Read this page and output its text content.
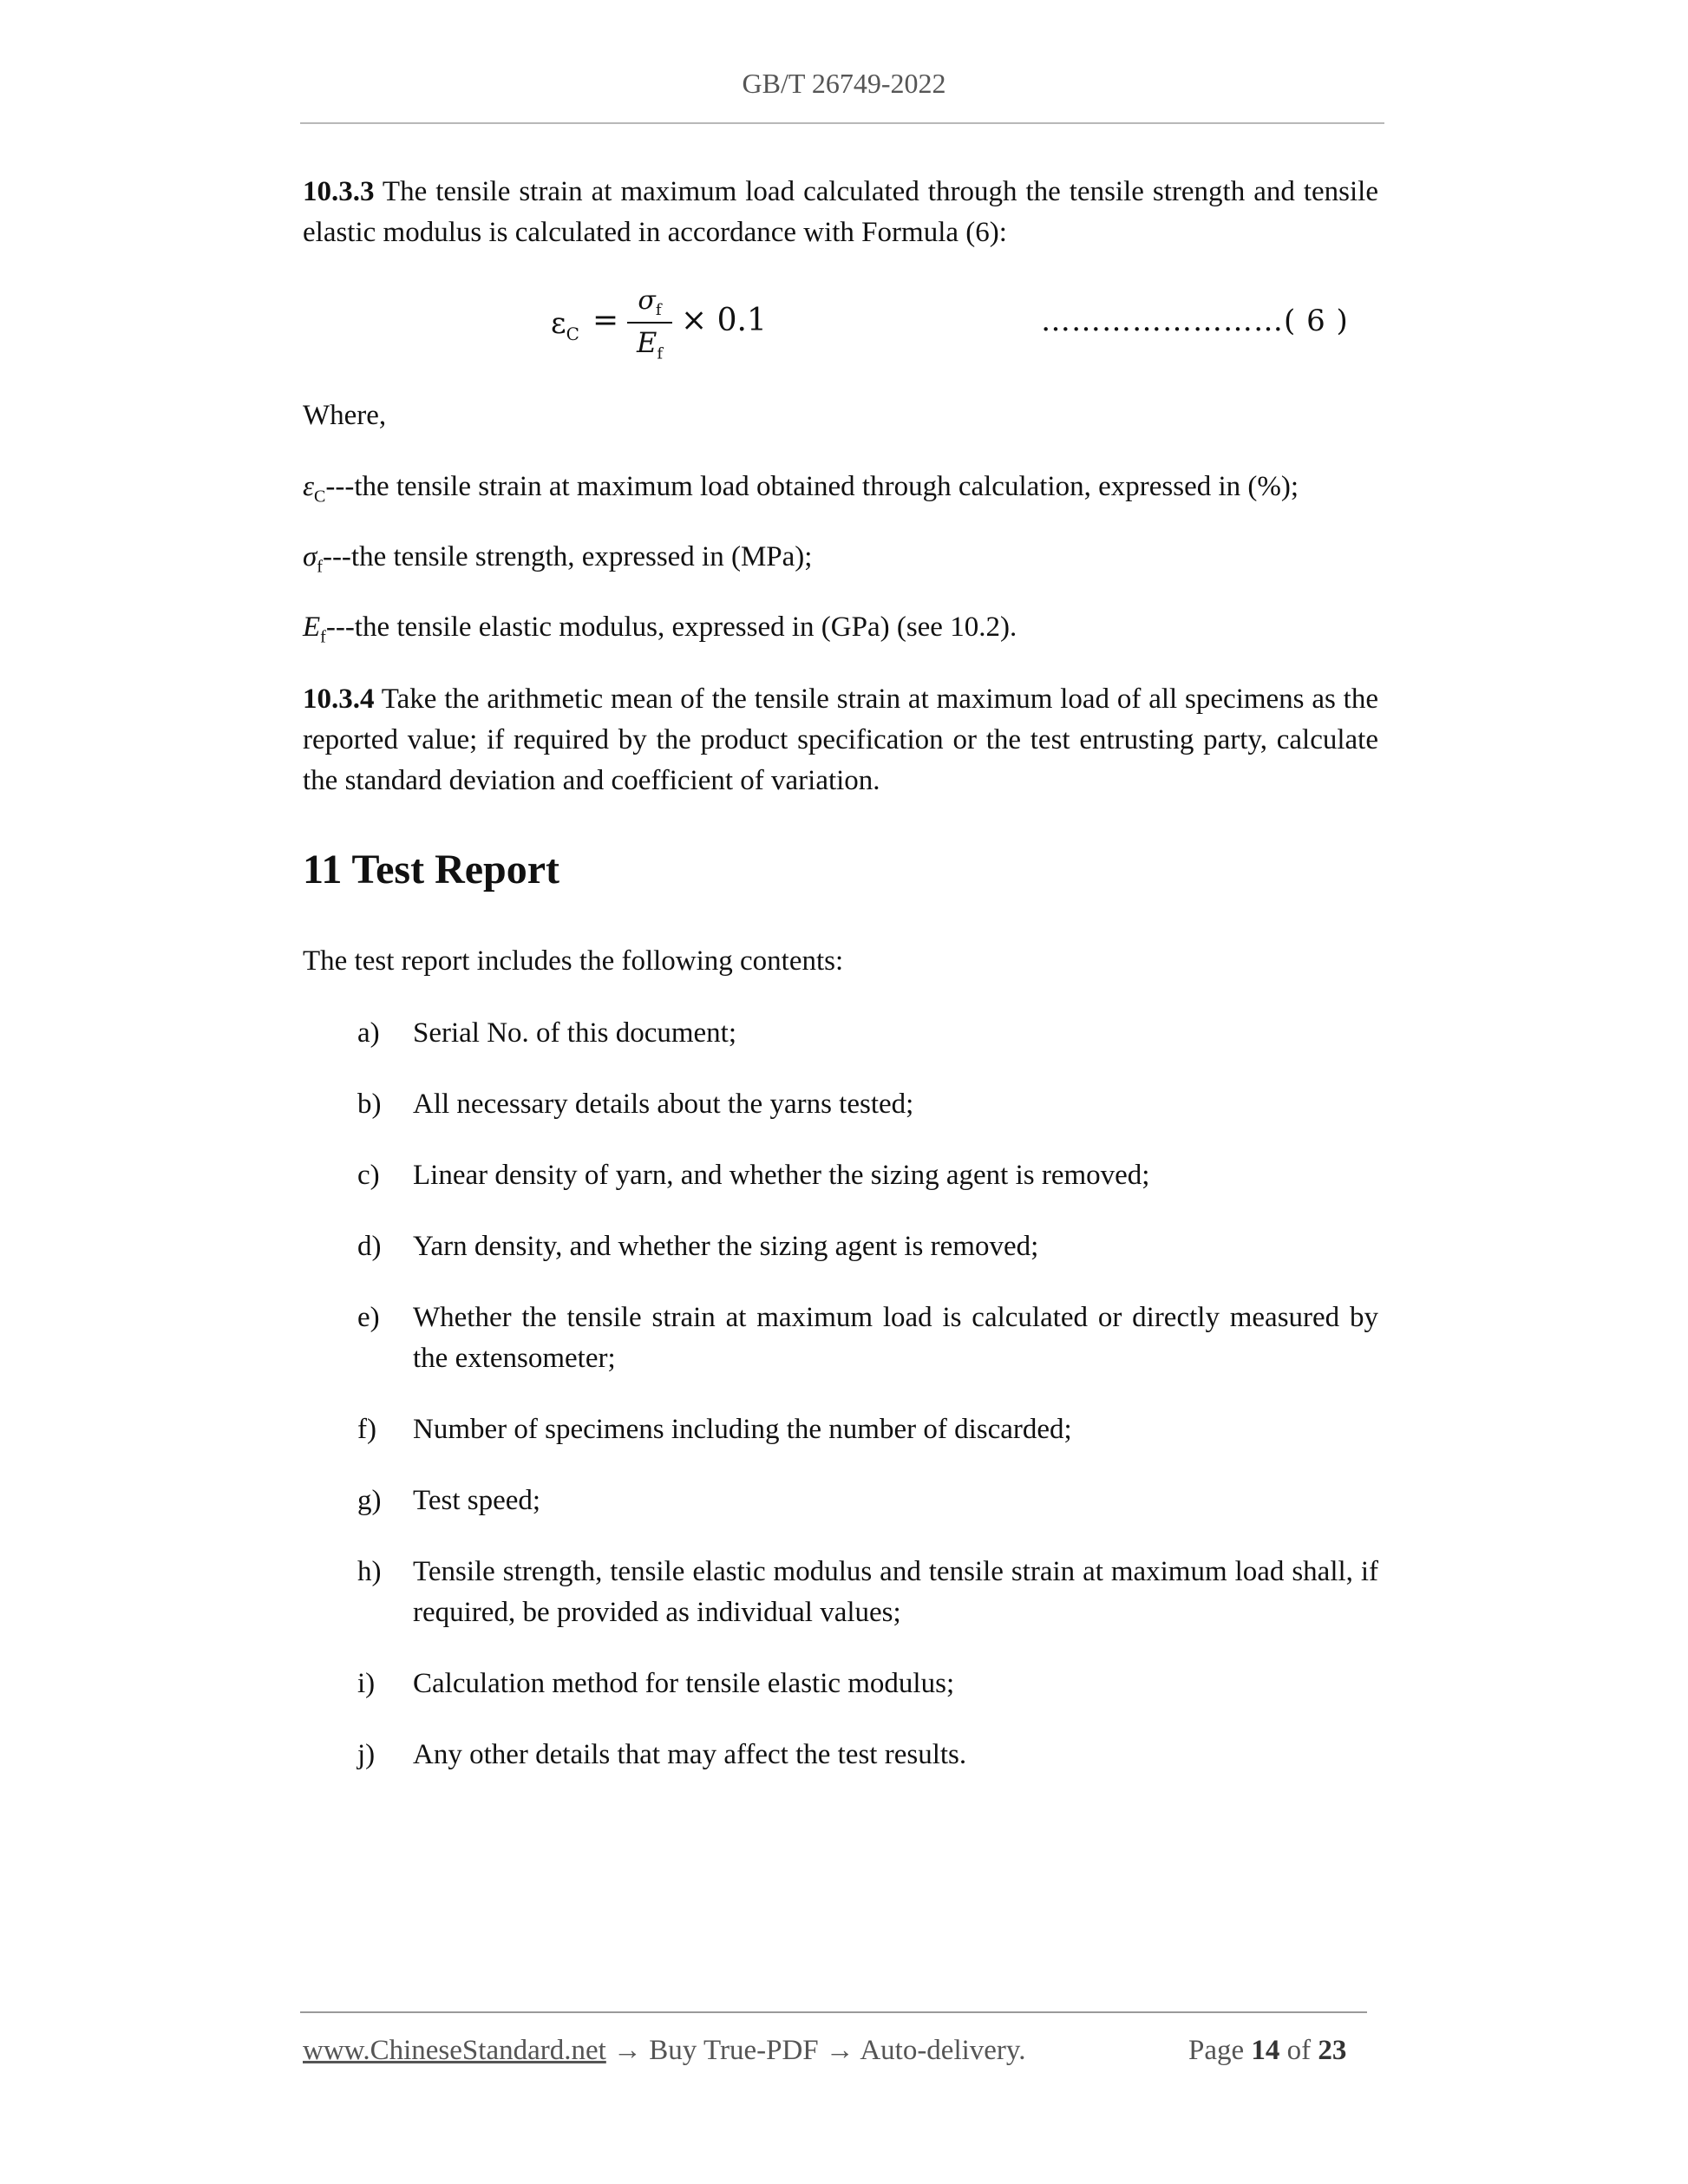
GB/T 26749-2022
10.3.3 The tensile strain at maximum load calculated through the tensile strength and tensile elastic modulus is calculated in accordance with Formula (6):
$\varepsilon_C$ =
$\sigma_f$
$E_f$
× 0.1	……………………( 6 )
Where,
$\varepsilon_C--$-the tensile strain at maximum load obtained through calculation, expressed in (%);
$\sigma_f--$-the tensile strength, expressed in (MPa);
$E_f--$-the tensile elastic modulus, expressed in (GPa) (see 10.2).
10.3.4 Take the arithmetic mean of the tensile strain at maximum load of all specimens as the reported value; if required by the product specification or the test entrusting party, calculate the standard deviation and coefficient of variation.
11 Test Report
The test report includes the following contents:
a) Serial No. of this document;
b) All necessary details about the yarns tested;
c) Linear density of yarn, and whether the sizing agent is removed;
d) Yarn density, and whether the sizing agent is removed;
e) Whether the tensile strain at maximum load is calculated or directly measured by the extensometer;
f) Number of specimens including the number of discarded;
g) Test speed;
h) Tensile strength, tensile elastic modulus and tensile strain at maximum load shall, if required, be provided as individual values;
i) Calculation method for tensile elastic modulus;
j) Any other details that may affect the test results.
www.ChineseStandard.net → Buy True-PDF → Auto-delivery.	Page 14 of 23
